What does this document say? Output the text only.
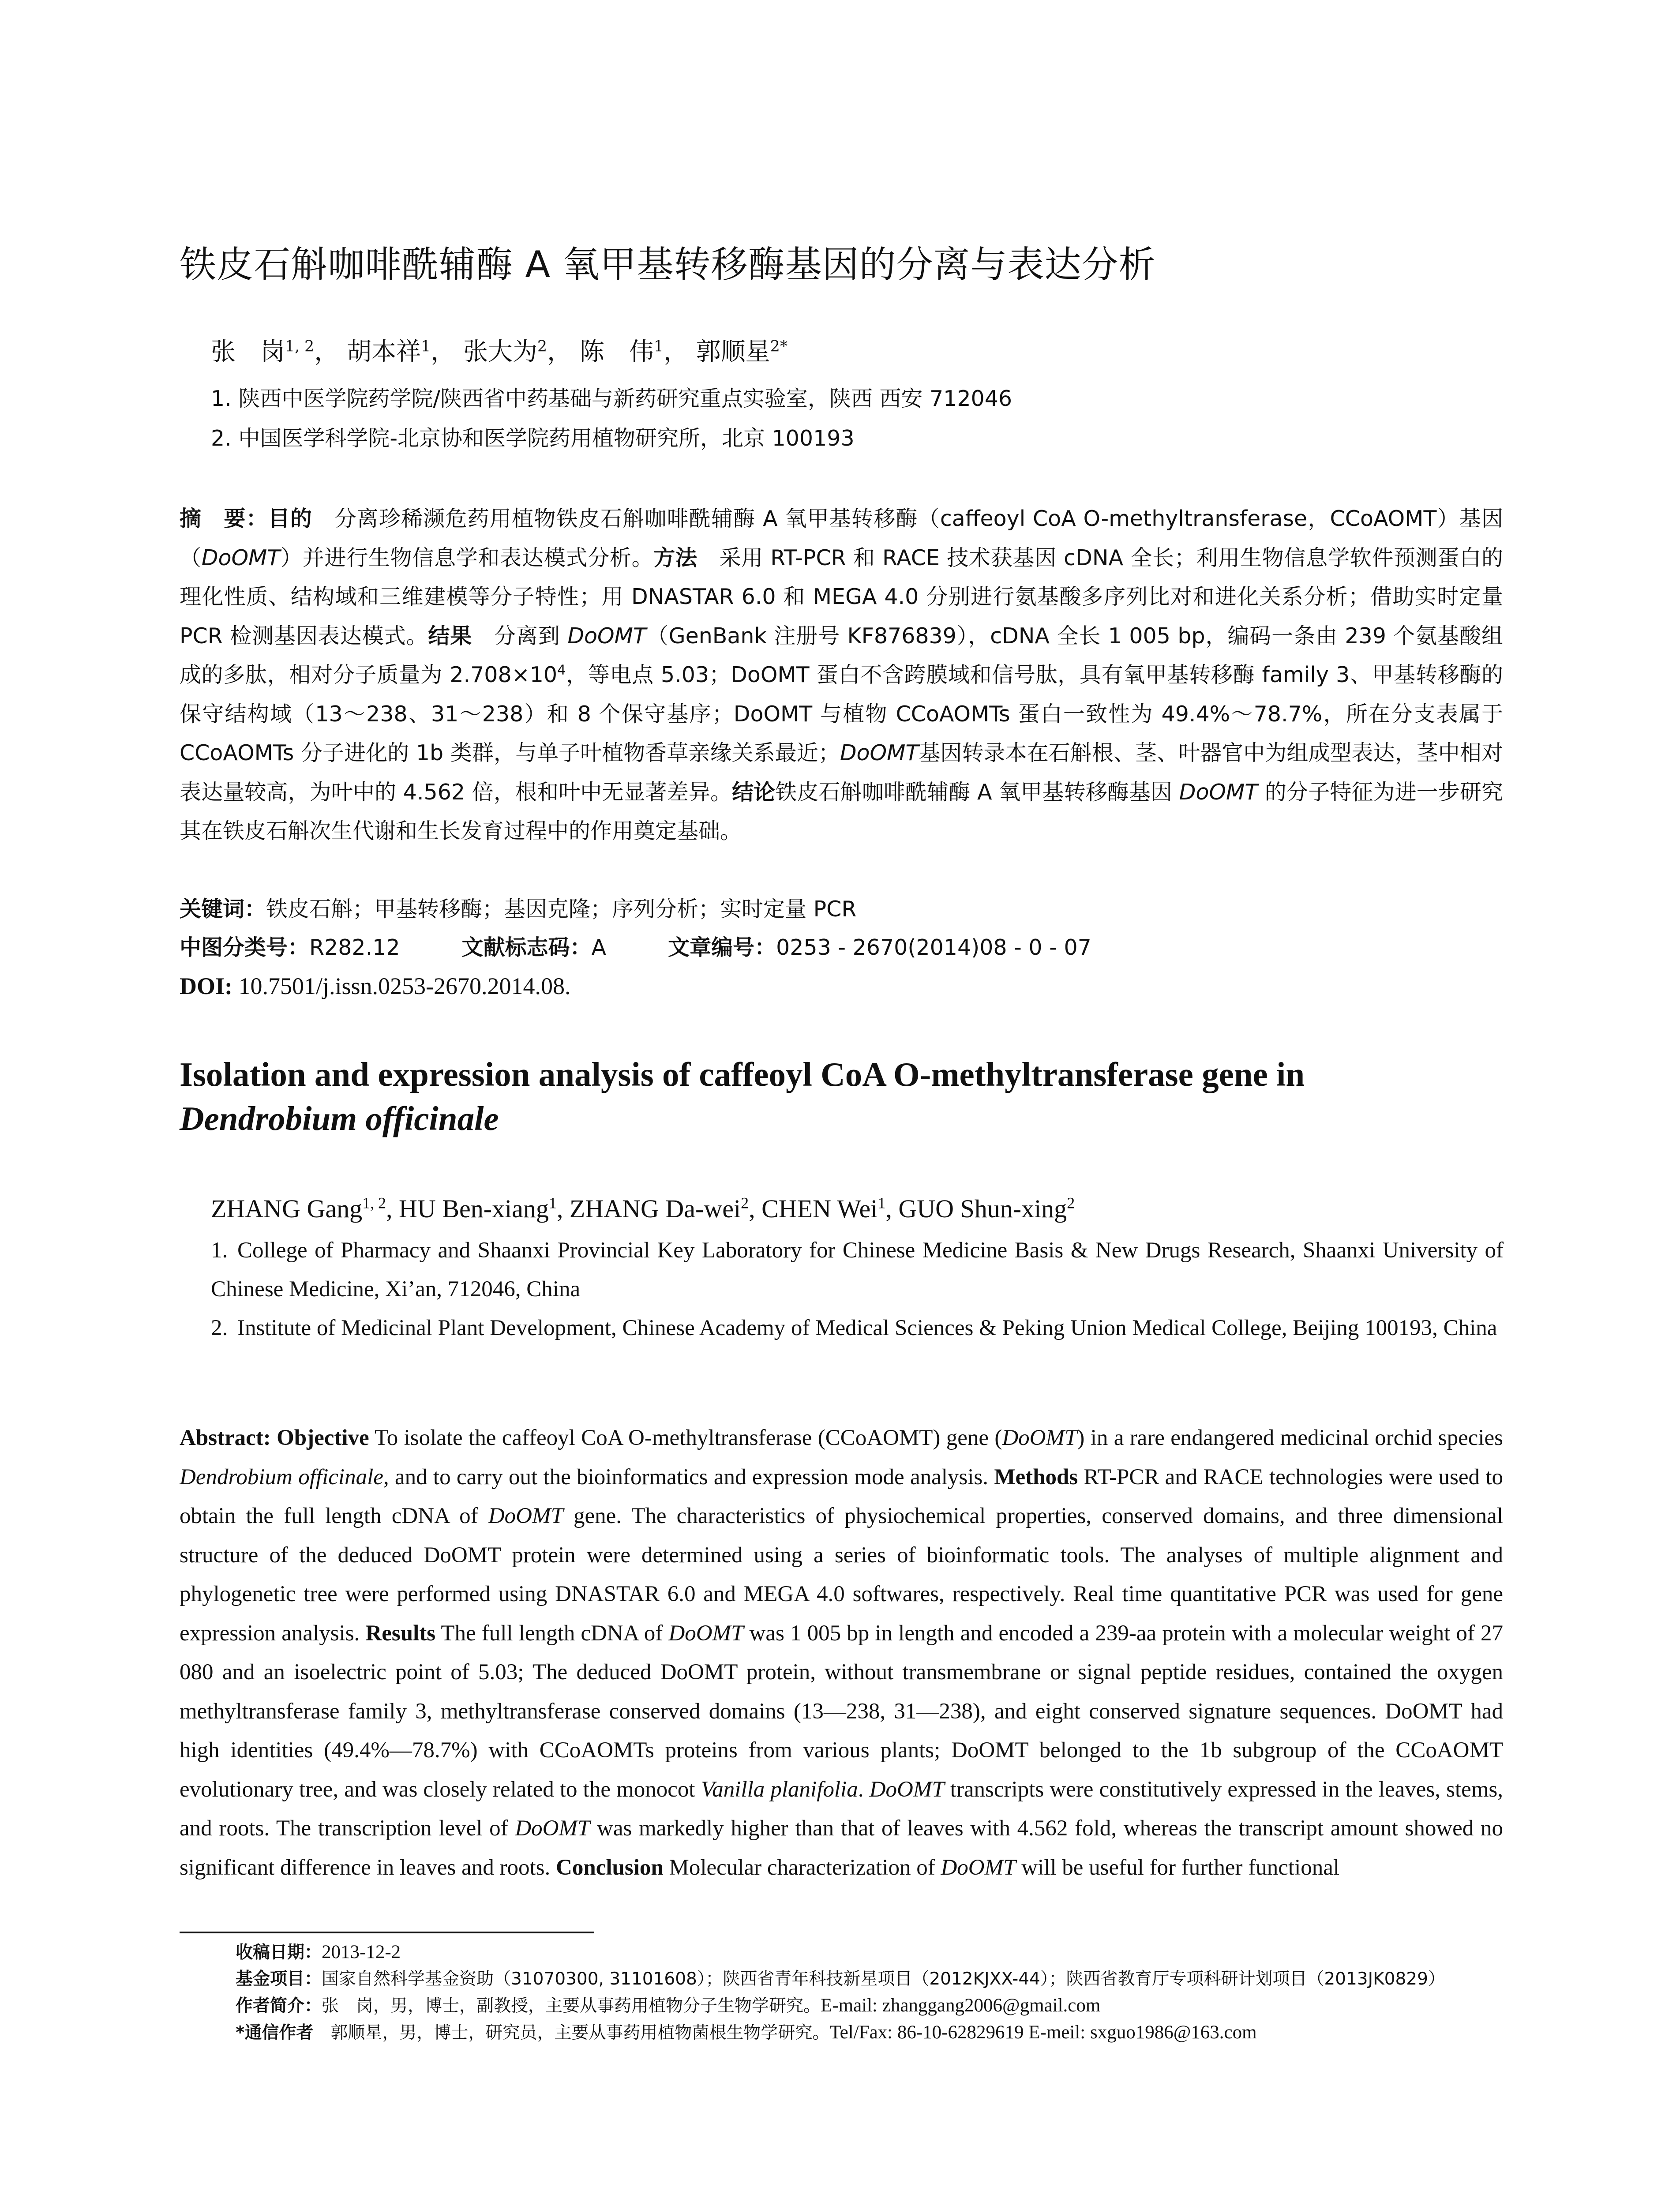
铁皮石斛咖啡酰辅酶 A 氧甲基转移酶基因的分离与表达分析
张　岗$^{1, 2}$， 胡本祥$^1$， 张大为$^2$， 陈　伟$^1$， 郭顺星$^{2*}$
1. 陕西中医学院药学院/陕西省中药基础与新药研究重点实验室，陕西 西安 712046
2. 中国医学科学院-北京协和医学院药用植物研究所，北京 100193
摘　要：目的　分离珍稀濒危药用植物铁皮石斛咖啡酰辅酶 A 氧甲基转移酶（caffeoyl CoA O-methyltransferase，CCoAOMT）基因（DoOMT）并进行生物信息学和表达模式分析。方法　采用 RT-PCR 和 RACE 技术获基因 cDNA 全长；利用生物信息学软件预测蛋白的理化性质、结构域和三维建模等分子特性；用 DNASTAR 6.0 和 MEGA 4.0 分别进行氨基酸多序列比对和进化关系分析；借助实时定量 PCR 检测基因表达模式。结果　分离到 DoOMT（GenBank 注册号 KF876839），cDNA 全长 1 005 bp，编码一条由 239 个氨基酸组成的多肽，相对分子质量为 $2.708\times 10^4$，等电点 5.03；DoOMT 蛋白不含跨膜域和信号肽，具有氧甲基转移酶 family 3、甲基转移酶的保守结构域（13～238、31～238）和 8 个保守基序；DoOMT 与植物 CCoAOMTs 蛋白一致性为 49.4%～78.7%，所在分支表属于 CCoAOMTs 分子进化的 1b 类群，与单子叶植物香草亲缘关系最近；DoOMT基因转录本在石斛根、茎、叶器官中为组成型表达，茎中相对表达量较高，为叶中的 4.562 倍，根和叶中无显著差异。结论铁皮石斛咖啡酰辅酶 A 氧甲基转移酶基因 DoOMT 的分子特征为进一步研究其在铁皮石斛次生代谢和生长发育过程中的作用奠定基础。
关键词：铁皮石斛；甲基转移酶；基因克隆；序列分析；实时定量 PCR
中图分类号：R282.12	文献标志码：A	文章编号：0253 - 2670(2014)08 - 0 - 07
DOI: 10.7501/j.issn.0253-2670.2014.08.
Isolation and expression analysis of caffeoyl CoA O-methyltransferase gene in
Dendrobium officinale
ZHANG Gang$^{1, 2}$, HU Ben-xiang$^1$, ZHANG Da-wei$^2$, CHEN Wei$^1$, GUO Shun-xing$^2$
1. College of Pharmacy and Shaanxi Provincial Key Laboratory for Chinese Medicine Basis & New Drugs Research, Shaanxi University of Chinese Medicine, Xi’an, 712046, China
2. Institute of Medicinal Plant Development, Chinese Academy of Medical Sciences & Peking Union Medical College, Beijing 100193, China
Abstract: Objective To isolate the caffeoyl CoA O-methyltransferase (CCoAOMT) gene (DoOMT) in a rare endangered medicinal orchid species Dendrobium officinale, and to carry out the bioinformatics and expression mode analysis. Methods RT-PCR and RACE technologies were used to obtain the full length cDNA of DoOMT gene. The characteristics of physiochemical properties, conserved domains, and three dimensional structure of the deduced DoOMT protein were determined using a series of bioinformatic tools. The analyses of multiple alignment and phylogenetic tree were performed using DNASTAR 6.0 and MEGA 4.0 softwares, respectively. Real time quantitative PCR was used for gene expression analysis. Results The full length cDNA of DoOMT was 1 005 bp in length and encoded a 239-aa protein with a molecular weight of 27 080 and an isoelectric point of 5.03; The deduced DoOMT protein, without transmembrane or signal peptide residues, contained the oxygen methyltransferase family 3, methyltransferase conserved domains (13—238, 31—238), and eight conserved signature sequences. DoOMT had high identities (49.4%—78.7%) with CCoAOMTs proteins from various plants; DoOMT belonged to the 1b subgroup of the CCoAOMT evolutionary tree, and was closely related to the monocot Vanilla planifolia. DoOMT transcripts were constitutively expressed in the leaves, stems, and roots. The transcription level of DoOMT was markedly higher than that of leaves with 4.562 fold, whereas the transcript amount showed no significant difference in leaves and roots. Conclusion Molecular characterization of DoOMT will be useful for further functional
收稿日期：2013-12-2
基金项目：国家自然科学基金资助（31070300, 31101608）；陕西省青年科技新星项目（2012KJXX-44）；陕西省教育厅专项科研计划项目（2013JK0829）
作者简介：张　岗，男，博士，副教授，主要从事药用植物分子生物学研究。E-mail: zhanggang2006@gmail.com
*通信作者　郭顺星，男，博士，研究员，主要从事药用植物菌根生物学研究。Tel/Fax: 86-10-62829619 E-meil: sxguo1986@163.com
